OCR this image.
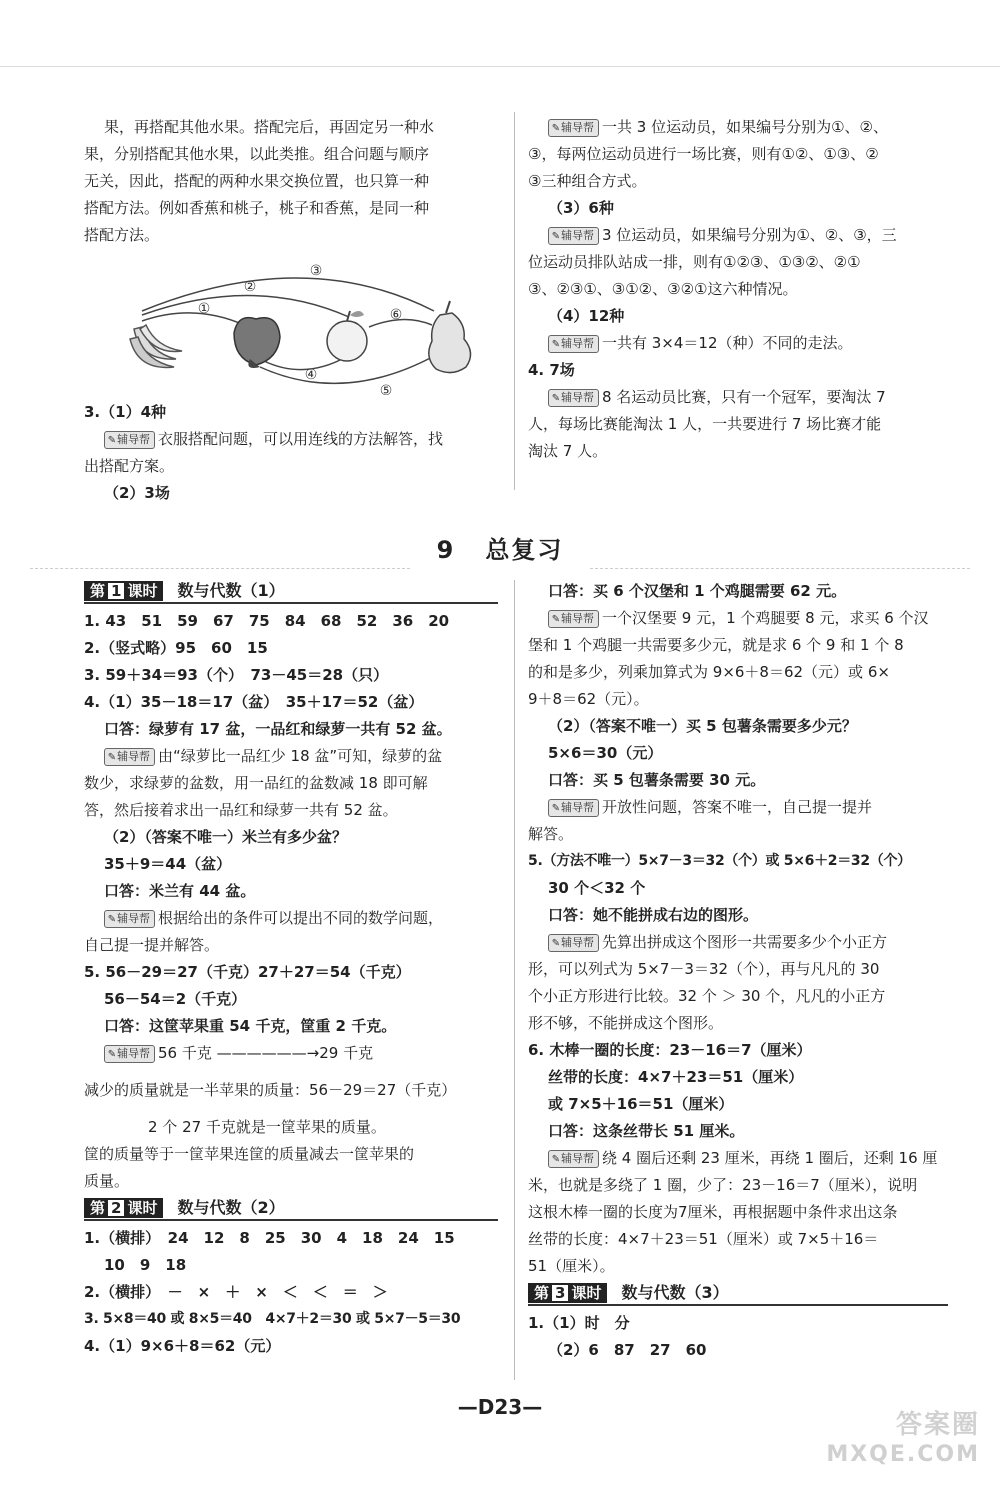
果，再搭配其他水果。搭配完后，再固定另一种水

果，分别搭配其他水果，以此类推。组合问题与顺序

无关，因此，搭配的两种水果交换位置，也只算一种

搭配方法。例如香蕉和桃子，桃子和香蕉，是同一种

搭配方法。

①
②
③
④
⑤
⑥

3.（1）4种

✎辅导帮 衣服搭配问题，可以用连线的方法解答，找

出搭配方案。

（2）3场

✎辅导帮 一共 3 位运动员，如果编号分别为①、②、

③，每两位运动员进行一场比赛，则有①②、①③、②

③三种组合方式。

（3）6种

✎辅导帮 3 位运动员，如果编号分别为①、②、③，三

位运动员排队站成一排，则有①②③、①③②、②①

③、②③①、③①②、③②①这六种情况。

（4）12种

✎辅导帮 一共有 3×4＝12（种）不同的走法。

4. 7场

✎辅导帮 8 名运动员比赛，只有一个冠军，要淘汰 7

人，每场比赛能淘汰 1 人，一共要进行 7 场比赛才能

淘汰 7 人。

9 总复习
第 1 课时 数与代数（1）

1. 43　51　59　67　75　84　68　52　36　20

2.（竖式略）95　60　15

3. 59＋34＝93（个）　73－45＝28（只）

4.（1）35－18＝17（盆）　35＋17＝52（盆）

口答：绿萝有 17 盆，一品红和绿萝一共有 52 盆。

✎辅导帮 由“绿萝比一品红少 18 盆”可知，绿萝的盆

数少，求绿萝的盆数，用一品红的盆数减 18 即可解

答，然后接着求出一品红和绿萝一共有 52 盆。

（2）（答案不唯一）米兰有多少盆？

35＋9＝44（盆）

口答：米兰有 44 盆。

✎辅导帮 根据给出的条件可以提出不同的数学问题，

自己提一提并解答。

5. 56－29＝27（千克）27＋27＝54（千克）

56－54＝2（千克）

口答：这筐苹果重 54 千克，筐重 2 千克。

✎辅导帮 56 千克 ——————→29 千克

减少的质量就是一半苹果的质量：56－29＝27（千克）

2 个 27 千克就是一筐苹果的质量。

筐的质量等于一筐苹果连筐的质量减去一筐苹果的

质量。

第 2 课时 数与代数（2）

1.（横排）　24　12　8　25　30　4　18　24　15

10　9　18

2.（横排）　－　×　＋　×　＜　＜　＝　＞

3. 5×8＝40 或 8×5＝40　4×7＋2＝30 或 5×7－5＝30

4.（1）9×6＋8＝62（元）

口答：买 6 个汉堡和 1 个鸡腿需要 62 元。

✎辅导帮 一个汉堡要 9 元，1 个鸡腿要 8 元，求买 6 个汉

堡和 1 个鸡腿一共需要多少元，就是求 6 个 9 和 1 个 8

的和是多少，列乘加算式为 9×6＋8＝62（元）或 6×

9＋8＝62（元）。

（2）（答案不唯一）买 5 包薯条需要多少元？

5×6＝30（元）

口答：买 5 包薯条需要 30 元。

✎辅导帮 开放性问题，答案不唯一，自己提一提并

解答。

5.（方法不唯一）5×7－3＝32（个）或 5×6＋2＝32（个）

30 个＜32 个

口答：她不能拼成右边的图形。

✎辅导帮 先算出拼成这个图形一共需要多少个小正方

形，可以列式为 5×7－3＝32（个），再与凡凡的 30

个小正方形进行比较。32 个 ＞ 30 个，凡凡的小正方

形不够，不能拼成这个图形。

6. 木棒一圈的长度：23－16＝7（厘米）

丝带的长度：4×7＋23＝51（厘米）

或 7×5＋16＝51（厘米）

口答：这条丝带长 51 厘米。

✎辅导帮 绕 4 圈后还剩 23 厘米，再绕 1 圈后，还剩 16 厘

米，也就是多绕了 1 圈，少了：23－16＝7（厘米），说明

这根木棒一圈的长度为7厘米，再根据题中条件求出这条

丝带的长度：4×7＋23＝51（厘米）或 7×5＋16＝

51（厘米）。

第 3 课时 数与代数（3）

1.（1）时　分

（2）6　87　27　60

—D23—
答案圈
MXQE.COM
